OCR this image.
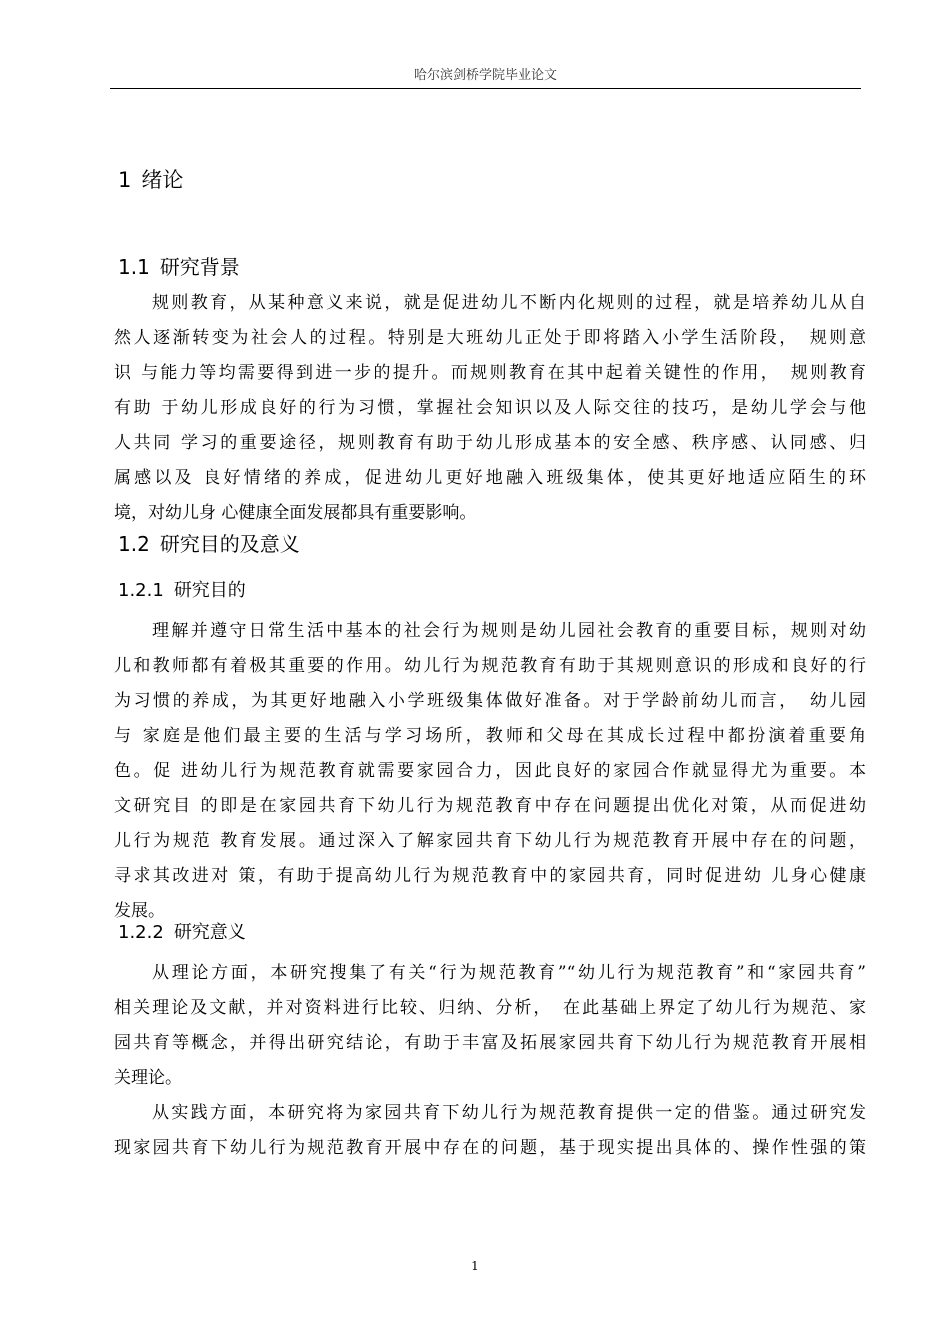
哈尔滨剑桥学院毕业论文
1 绪论
1.1 研究背景
规则教育，从某种意义来说，就是促进幼儿不断内化规则的过程，就是培养幼儿从自
然人逐渐转变为社会人的过程。特别是大班幼儿正处于即将踏入小学生活阶段，　规则意
识 与能力等均需要得到进一步的提升。而规则教育在其中起着关键性的作用，　规则教育
有助 于幼儿形成良好的行为习惯，掌握社会知识以及人际交往的技巧，是幼儿学会与他
人共同 学习的重要途径，规则教育有助于幼儿形成基本的安全感、秩序感、认同感、归
属感以及 良好情绪的养成，促进幼儿更好地融入班级集体，使其更好地适应陌生的环
境，对幼儿身 心健康全面发展都具有重要影响。
1.2 研究目的及意义
1.2.1 研究目的
理解并遵守日常生活中基本的社会行为规则是幼儿园社会教育的重要目标，规则对幼
儿和教师都有着极其重要的作用。幼儿行为规范教育有助于其规则意识的形成和良好的行
为习惯的养成，为其更好地融入小学班级集体做好准备。对于学龄前幼儿而言，　幼儿园
与 家庭是他们最主要的生活与学习场所，教师和父母在其成长过程中都扮演着重要角
色。促 进幼儿行为规范教育就需要家园合力，因此良好的家园合作就显得尤为重要。本
文研究目 的即是在家园共育下幼儿行为规范教育中存在问题提出优化对策，从而促进幼
儿行为规范 教育发展。通过深入了解家园共育下幼儿行为规范教育开展中存在的问题，
寻求其改进对 策，有助于提高幼儿行为规范教育中的家园共育，同时促进幼 儿身心健康
发展。
1.2.2 研究意义
从理论方面，本研究搜集了有关“行为规范教育”“幼儿行为规范教育”和“家园共育”
相关理论及文献，并对资料进行比较、归纳、分析，　在此基础上界定了幼儿行为规范、家
园共育等概念，并得出研究结论，有助于丰富及拓展家园共育下幼儿行为规范教育开展相
关理论。
从实践方面，本研究将为家园共育下幼儿行为规范教育提供一定的借鉴。通过研究发
现家园共育下幼儿行为规范教育开展中存在的问题，基于现实提出具体的、操作性强的策
1
